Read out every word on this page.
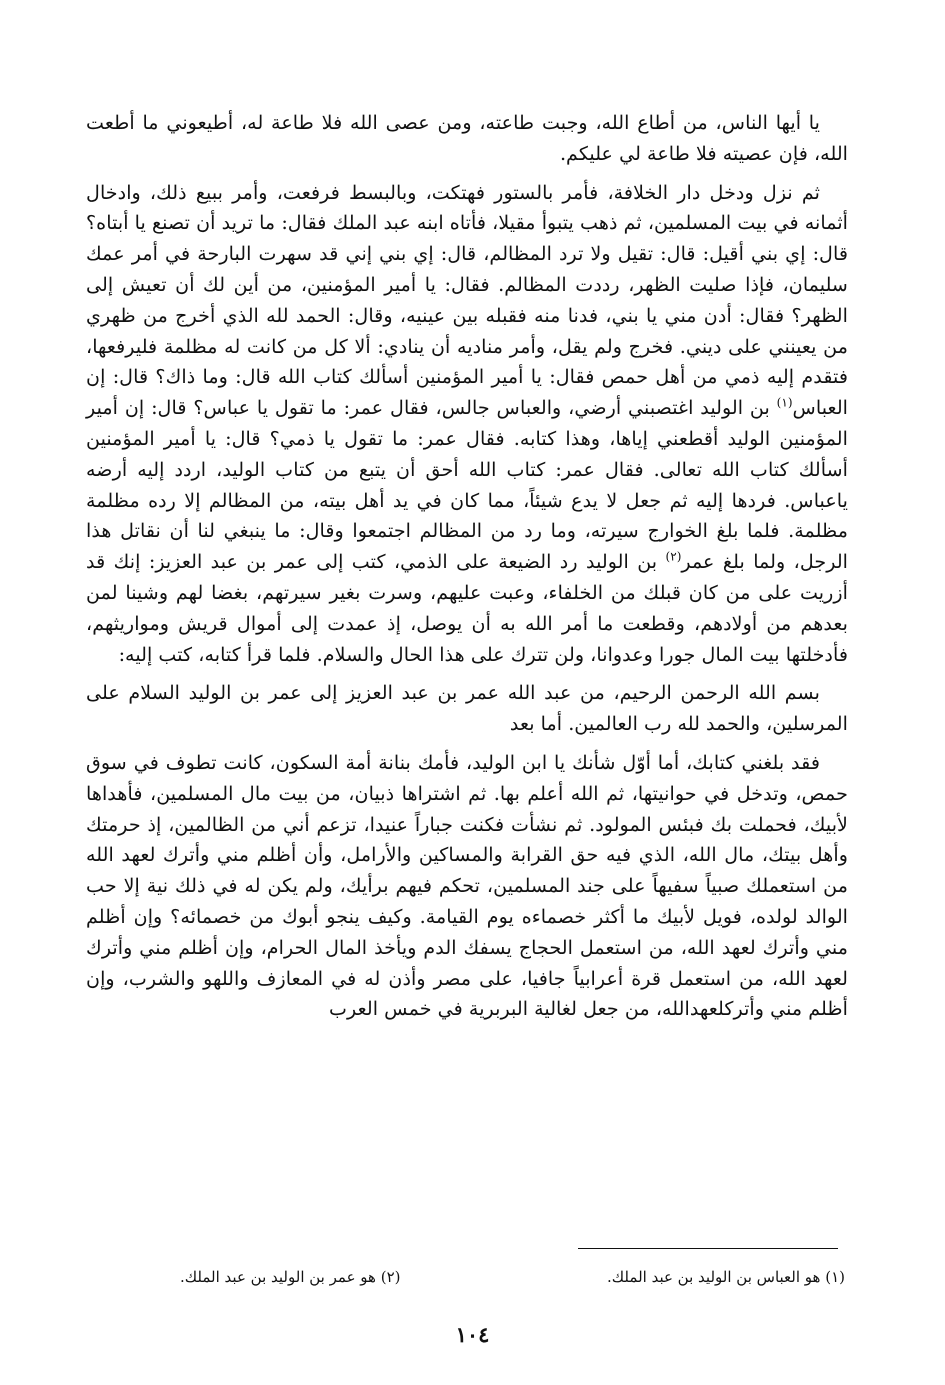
يا أيها الناس، من أطاع الله، وجبت طاعته، ومن عصى الله فلا طاعة له، أطيعوني ما أطعت الله، فإن عصيته فلا طاعة لي عليكم.

ثم نزل ودخل دار الخلافة، فأمر بالستور فهتكت، وبالبسط فرفعت، وأمر ببيع ذلك، وادخال أثمانه في بيت المسلمين، ثم ذهب يتبوأ مقيلا، فأتاه ابنه عبد الملك فقال: ما تريد أن تصنع يا أبتاه؟ قال: إي بني أقيل: قال: تقيل ولا ترد المظالم، قال: إي بني إني قد سهرت البارحة في أمر عمك سليمان، فإذا صليت الظهر، رددت المظالم. فقال: يا أمير المؤمنين، من أين لك أن تعيش إلى الظهر؟ فقال: أدن مني يا بني، فدنا منه فقبله بين عينيه، وقال: الحمد لله الذي أخرج من ظهري من يعينني على ديني. فخرج ولم يقل، وأمر مناديه أن ينادي: ألا كل من كانت له مظلمة فليرفعها، فتقدم إليه ذمي من أهل حمص فقال: يا أمير المؤمنين أسألك كتاب الله قال: وما ذاك؟ قال: إن العباس$^{(١)}$ بن الوليد اغتصبني أرضي، والعباس جالس، فقال عمر: ما تقول يا عباس؟ قال: إن أمير المؤمنين الوليد أقطعني إياها، وهذا كتابه. فقال عمر: ما تقول يا ذمي؟ قال: يا أمير المؤمنين أسألك كتاب الله تعالى. فقال عمر: كتاب الله أحق أن يتبع من كتاب الوليد، اردد إليه أرضه ياعباس. فردها إليه ثم جعل لا يدع شيئاً، مما كان في يد أهل بيته، من المظالم إلا رده مظلمة مظلمة. فلما بلغ الخوارج سيرته، وما رد من المظالم اجتمعوا وقال: ما ينبغي لنا أن نقاتل هذا الرجل، ولما بلغ عمر$^{(٢)}$ بن الوليد رد الضيعة على الذمي، كتب إلى عمر بن عبد العزيز: إنك قد أزريت على من كان قبلك من الخلفاء، وعبت عليهم، وسرت بغير سيرتهم، بغضا لهم وشينا لمن بعدهم من أولادهم، وقطعت ما أمر الله به أن يوصل، إذ عمدت إلى أموال قريش ومواريثهم، فأدخلتها بيت المال جورا وعدوانا، ولن تترك على هذا الحال والسلام. فلما قرأ كتابه، كتب إليه:

بسم الله الرحمن الرحيم، من عبد الله عمر بن عبد العزيز إلى عمر بن الوليد السلام على المرسلين، والحمد لله رب العالمين. أما بعد

فقد بلغني كتابك، أما أوّل شأنك يا ابن الوليد، فأمك بنانة أمة السكون، كانت تطوف في سوق حمص، وتدخل في حوانيتها، ثم الله أعلم بها. ثم اشتراها ذبيان، من بيت مال المسلمين، فأهداها لأبيك، فحملت بك فبئس المولود. ثم نشأت فكنت جباراً عنيدا، تزعم أني من الظالمين، إذ حرمتك وأهل بيتك، مال الله، الذي فيه حق القرابة والمساكين والأرامل، وأن أظلم مني وأترك لعهد الله من استعملك صبياً سفيهاً على جند المسلمين، تحكم فيهم برأيك، ولم يكن له في ذلك نية إلا حب الوالد لولده، فويل لأبيك ما أكثر خصماءه يوم القيامة. وكيف ينجو أبوك من خصمائه؟ وإن أظلم مني وأترك لعهد الله، من استعمل الحجاج يسفك الدم ويأخذ المال الحرام، وإن أظلم مني وأترك لعهد الله، من استعمل قرة أعرابياً جافيا، على مصر وأذن له في المعازف واللهو والشرب، وإن أظلم مني وأتركلعهدالله، من جعل لغالية البربرية في خمس العرب

(١) هو العباس بن الوليد بن عبد الملك.
(٢) هو عمر بن الوليد بن عبد الملك.
١٠٤
